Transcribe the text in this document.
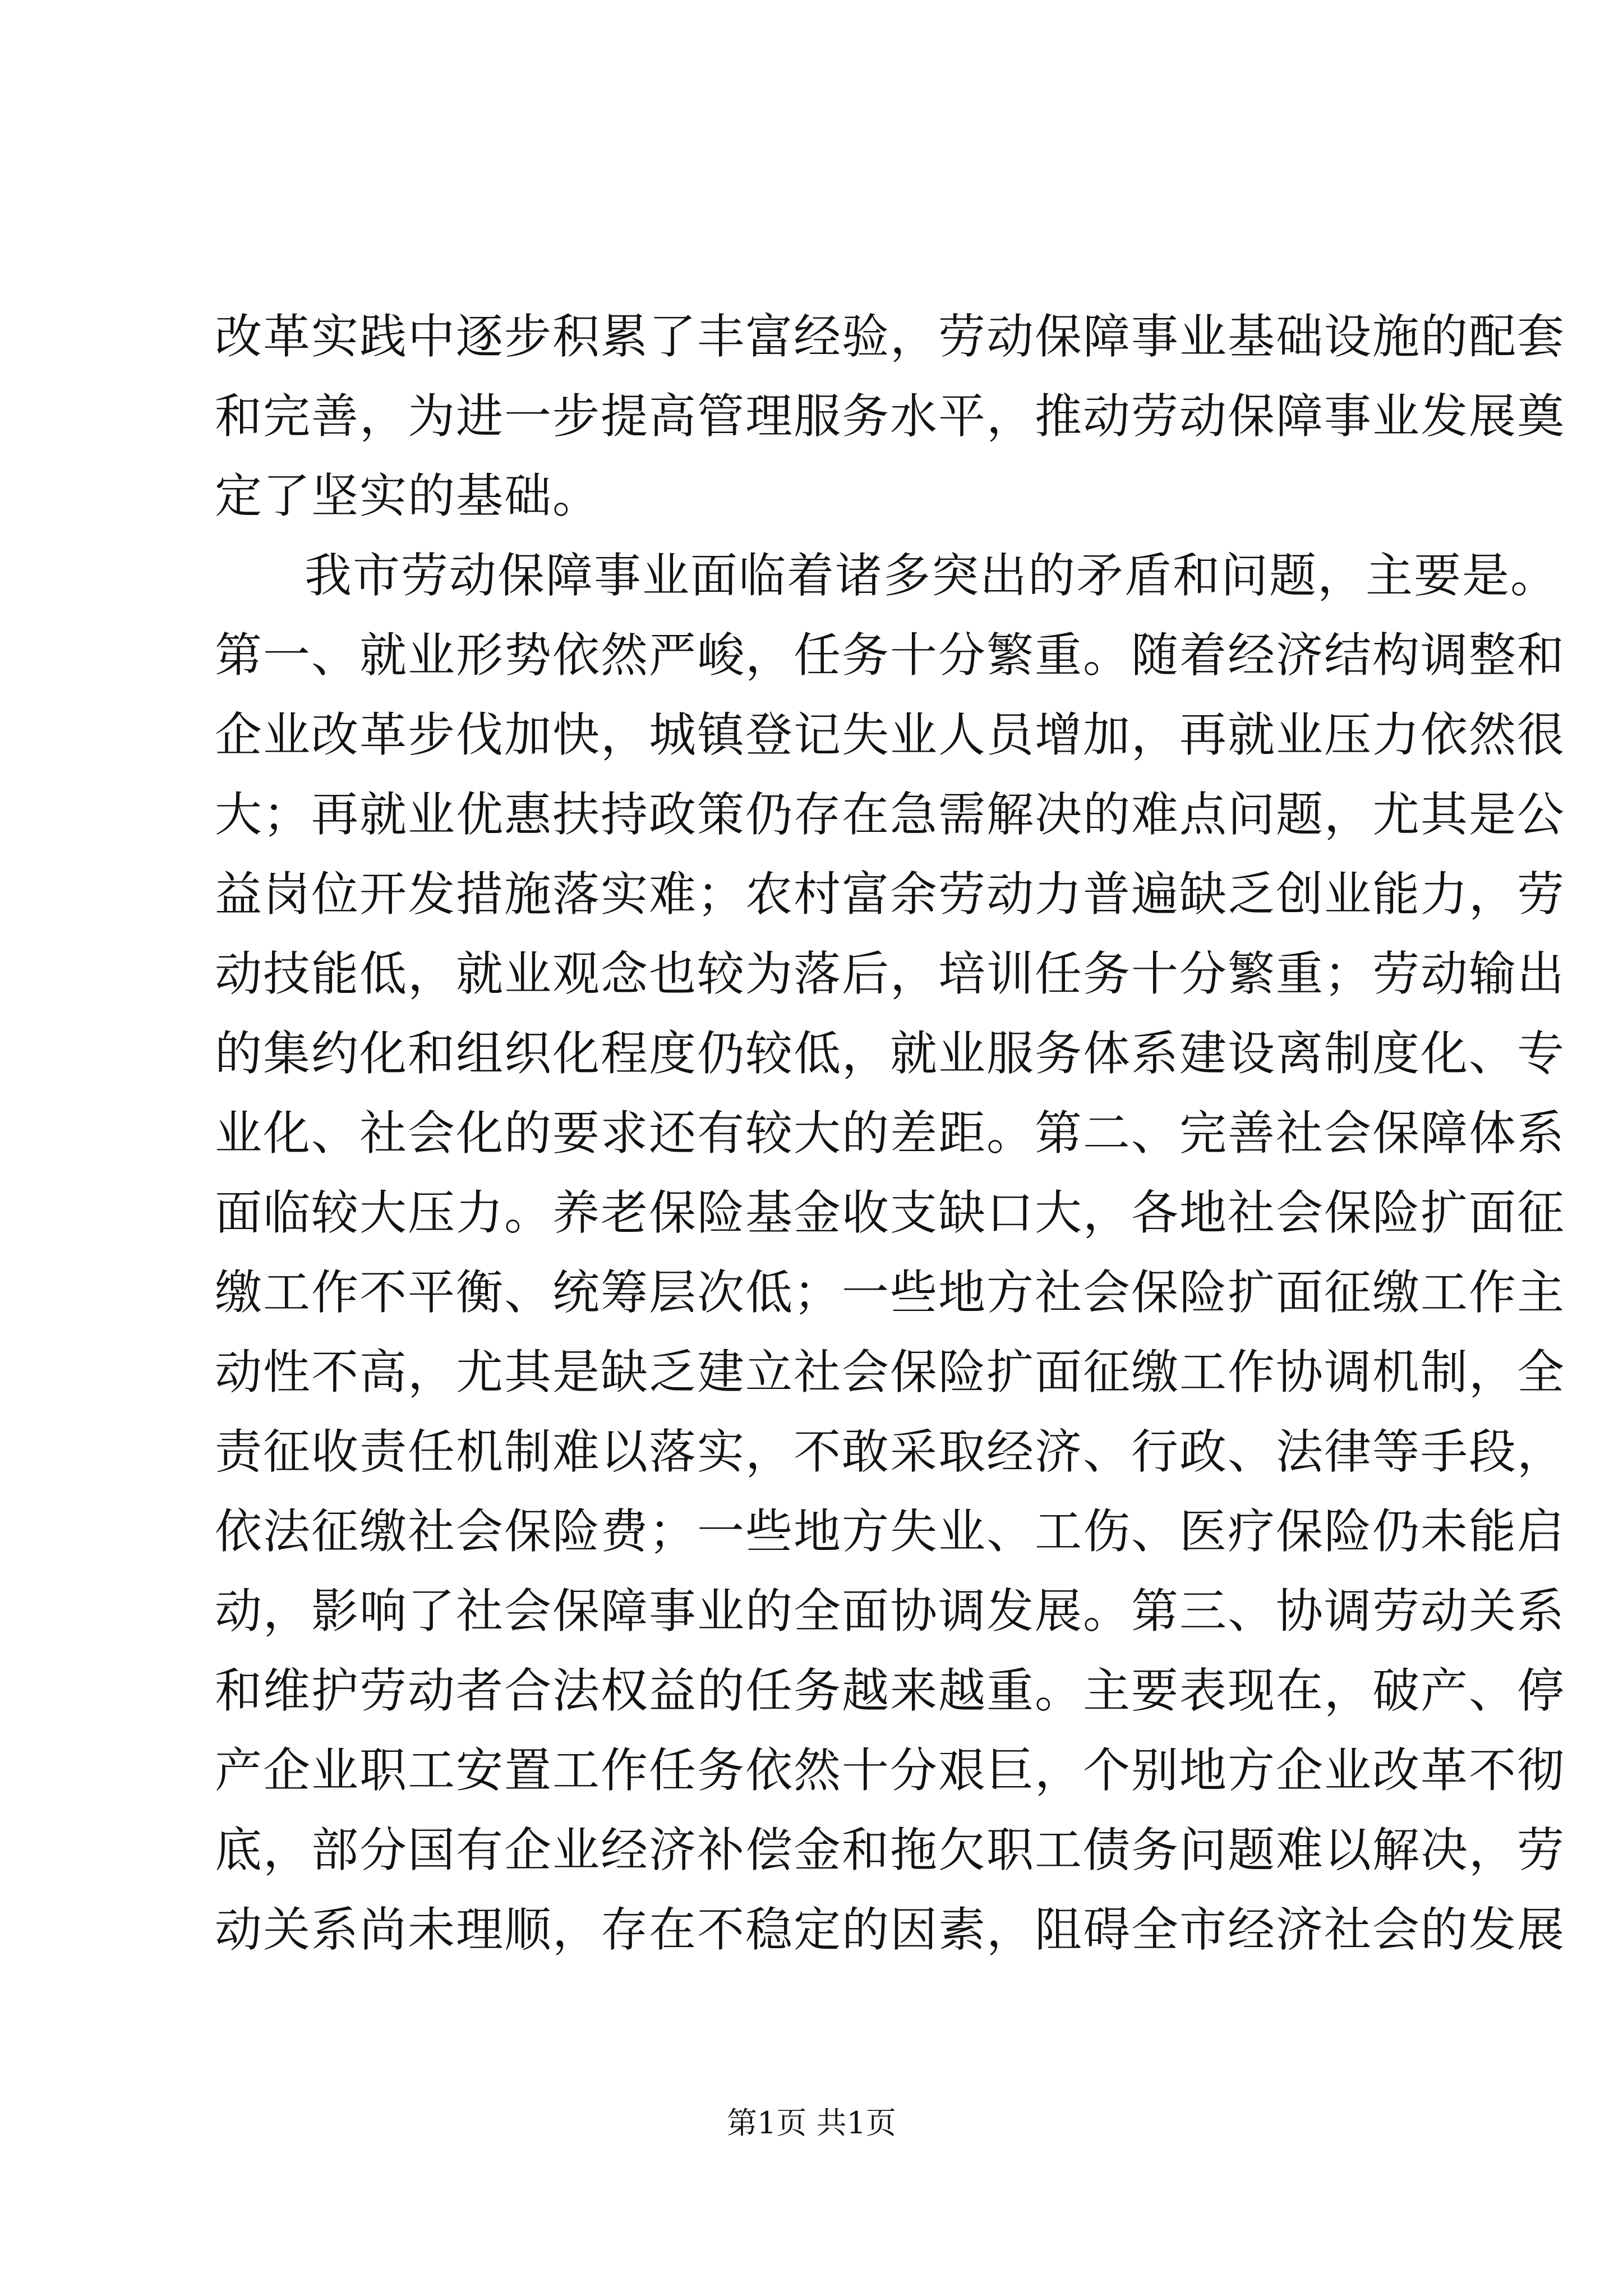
改革实践中逐步积累了丰富经验，劳动保障事业基础设施的配套
和完善，为进一步提高管理服务水平，推动劳动保障事业发展奠
定了坚实的基础。
我市劳动保障事业面临着诸多突出的矛盾和问题，主要是。
第一、就业形势依然严峻，任务十分繁重。随着经济结构调整和
企业改革步伐加快，城镇登记失业人员增加，再就业压力依然很
大；再就业优惠扶持政策仍存在急需解决的难点问题，尤其是公
益岗位开发措施落实难；农村富余劳动力普遍缺乏创业能力，劳
动技能低，就业观念也较为落后，培训任务十分繁重；劳动输出
的集约化和组织化程度仍较低，就业服务体系建设离制度化、专
业化、社会化的要求还有较大的差距。第二、完善社会保障体系
面临较大压力。养老保险基金收支缺口大，各地社会保险扩面征
缴工作不平衡、统筹层次低；一些地方社会保险扩面征缴工作主
动性不高，尤其是缺乏建立社会保险扩面征缴工作协调机制，全
责征收责任机制难以落实，不敢采取经济、行政、法律等手段，
依法征缴社会保险费；一些地方失业、工伤、医疗保险仍未能启
动，影响了社会保障事业的全面协调发展。第三、协调劳动关系
和维护劳动者合法权益的任务越来越重。主要表现在，破产、停
产企业职工安置工作任务依然十分艰巨，个别地方企业改革不彻
底，部分国有企业经济补偿金和拖欠职工债务问题难以解决，劳
动关系尚未理顺，存在不稳定的因素，阻碍全市经济社会的发展
第1页 共1页
